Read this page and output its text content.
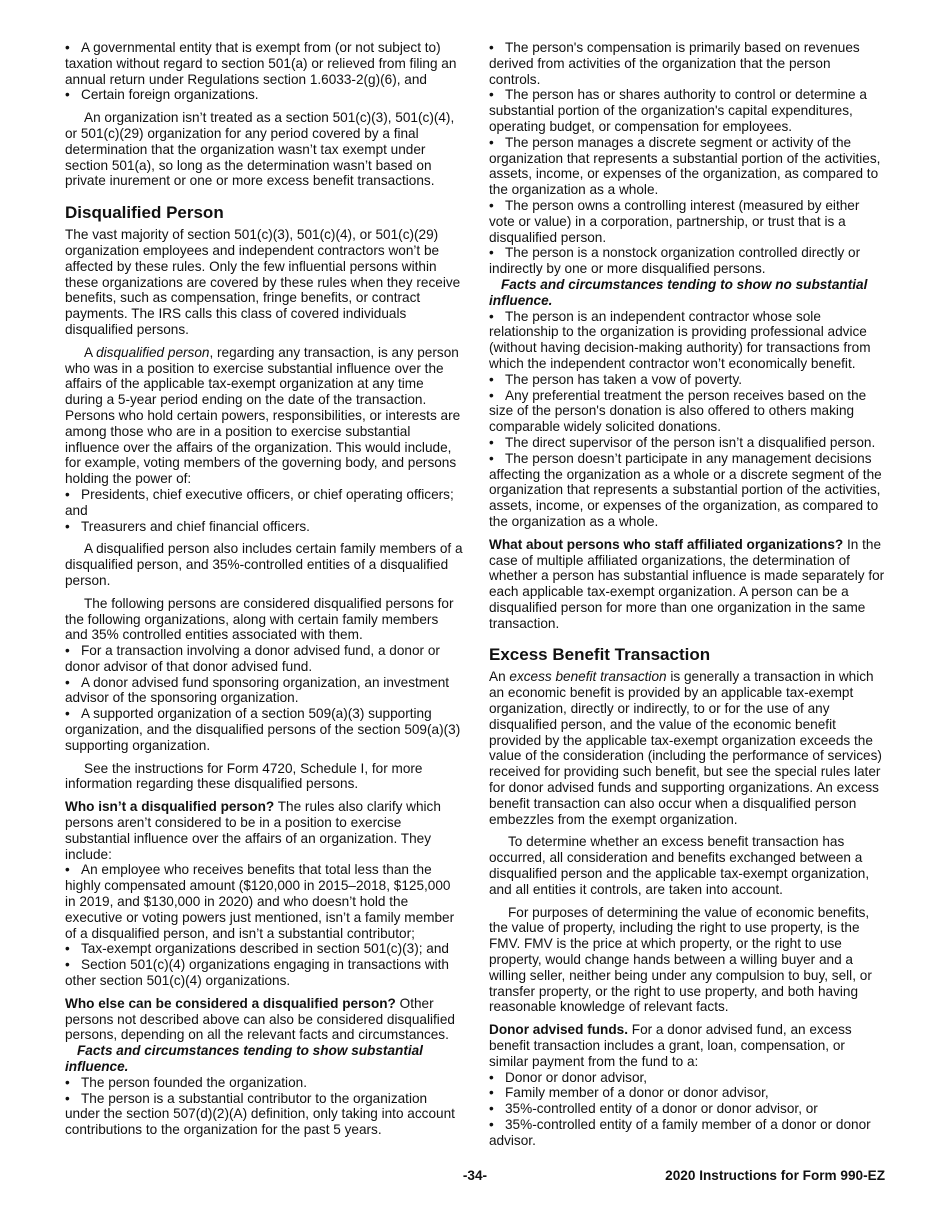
• A governmental entity that is exempt from (or not subject to) taxation without regard to section 501(a) or relieved from filing an annual return under Regulations section 1.6033-2(g)(6), and

• Certain foreign organizations.

An organization isn’t treated as a section 501(c)(3), 501(c)(4), or 501(c)(29) organization for any period covered by a final determination that the organization wasn’t tax exempt under section 501(a), so long as the determination wasn’t based on private inurement or one or more excess benefit transactions.

Disqualified Person

The vast majority of section 501(c)(3), 501(c)(4), or 501(c)(29) organization employees and independent contractors won’t be affected by these rules. Only the few influential persons within these organizations are covered by these rules when they receive benefits, such as compensation, fringe benefits, or contract payments. The IRS calls this class of covered individuals disqualified persons.

A disqualified person, regarding any transaction, is any person who was in a position to exercise substantial influence over the affairs of the applicable tax-exempt organization at any time during a 5-year period ending on the date of the transaction. Persons who hold certain powers, responsibilities, or interests are among those who are in a position to exercise substantial influence over the affairs of the organization. This would include, for example, voting members of the governing body, and persons holding the power of:

• Presidents, chief executive officers, or chief operating officers; and

• Treasurers and chief financial officers.

A disqualified person also includes certain family members of a disqualified person, and 35%-controlled entities of a disqualified person.

The following persons are considered disqualified persons for the following organizations, along with certain family members and 35% controlled entities associated with them.

• For a transaction involving a donor advised fund, a donor or donor advisor of that donor advised fund.

• A donor advised fund sponsoring organization, an investment advisor of the sponsoring organization.

• A supported organization of a section 509(a)(3) supporting organization, and the disqualified persons of the section 509(a)(3) supporting organization.

See the instructions for Form 4720, Schedule I, for more information regarding these disqualified persons.

Who isn’t a disqualified person? The rules also clarify which persons aren’t considered to be in a position to exercise substantial influence over the affairs of an organization. They include:

• An employee who receives benefits that total less than the highly compensated amount ($120,000 in 2015–2018, $125,000 in 2019, and $130,000 in 2020) and who doesn’t hold the executive or voting powers just mentioned, isn’t a family member of a disqualified person, and isn’t a substantial contributor;

• Tax-exempt organizations described in section 501(c)(3); and

• Section 501(c)(4) organizations engaging in transactions with other section 501(c)(4) organizations.

Who else can be considered a disqualified person? Other persons not described above can also be considered disqualified persons, depending on all the relevant facts and circumstances.

Facts and circumstances tending to show substantial influence.

• The person founded the organization.

• The person is a substantial contributor to the organization under the section 507(d)(2)(A) definition, only taking into account contributions to the organization for the past 5 years.

• The person's compensation is primarily based on revenues derived from activities of the organization that the person controls.

• The person has or shares authority to control or determine a substantial portion of the organization's capital expenditures, operating budget, or compensation for employees.

• The person manages a discrete segment or activity of the organization that represents a substantial portion of the activities, assets, income, or expenses of the organization, as compared to the organization as a whole.

• The person owns a controlling interest (measured by either vote or value) in a corporation, partnership, or trust that is a disqualified person.

• The person is a nonstock organization controlled directly or indirectly by one or more disqualified persons.

Facts and circumstances tending to show no substantial influence.

• The person is an independent contractor whose sole relationship to the organization is providing professional advice (without having decision-making authority) for transactions from which the independent contractor won’t economically benefit.

• The person has taken a vow of poverty.

• Any preferential treatment the person receives based on the size of the person's donation is also offered to others making comparable widely solicited donations.

• The direct supervisor of the person isn’t a disqualified person.

• The person doesn’t participate in any management decisions affecting the organization as a whole or a discrete segment of the organization that represents a substantial portion of the activities, assets, income, or expenses of the organization, as compared to the organization as a whole.

What about persons who staff affiliated organizations? In the case of multiple affiliated organizations, the determination of whether a person has substantial influence is made separately for each applicable tax-exempt organization. A person can be a disqualified person for more than one organization in the same transaction.

Excess Benefit Transaction

An excess benefit transaction is generally a transaction in which an economic benefit is provided by an applicable tax-exempt organization, directly or indirectly, to or for the use of any disqualified person, and the value of the economic benefit provided by the applicable tax-exempt organization exceeds the value of the consideration (including the performance of services) received for providing such benefit, but see the special rules later for donor advised funds and supporting organizations. An excess benefit transaction can also occur when a disqualified person embezzles from the exempt organization.

To determine whether an excess benefit transaction has occurred, all consideration and benefits exchanged between a disqualified person and the applicable tax-exempt organization, and all entities it controls, are taken into account.

For purposes of determining the value of economic benefits, the value of property, including the right to use property, is the FMV. FMV is the price at which property, or the right to use property, would change hands between a willing buyer and a willing seller, neither being under any compulsion to buy, sell, or transfer property, or the right to use property, and both having reasonable knowledge of relevant facts.

Donor advised funds. For a donor advised fund, an excess benefit transaction includes a grant, loan, compensation, or similar payment from the fund to a:

• Donor or donor advisor,

• Family member of a donor or donor advisor,

• 35%-controlled entity of a donor or donor advisor, or

• 35%-controlled entity of a family member of a donor or donor advisor.

-34-	2020 Instructions for Form 990-EZ
